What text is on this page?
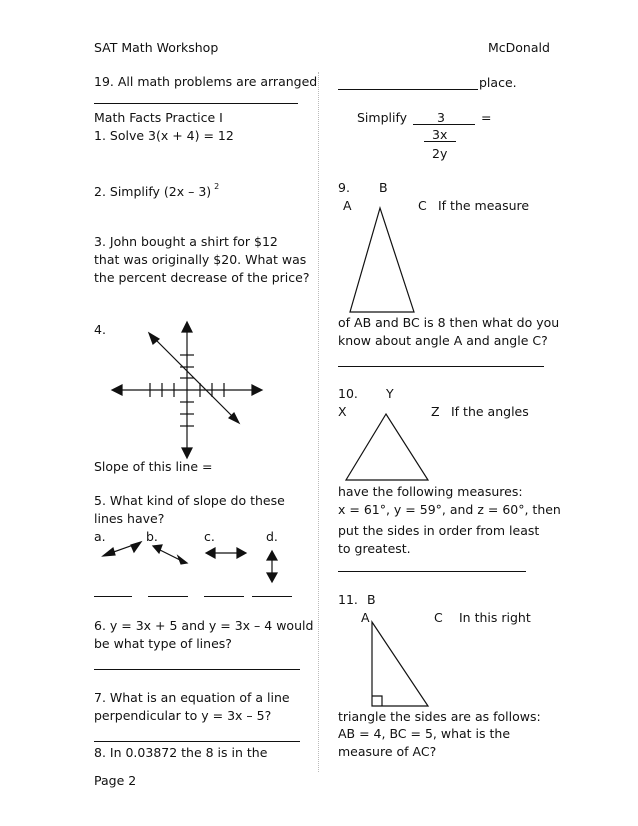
SAT Math Workshop	McDonald
19. All math problems are arranged
Math Facts Practice I
1. Solve 3(x + 4) = 12
2. Simplify (2x – 3) $^2$
3. John bought a shirt for $12
that was originally $20. What was
the percent decrease of the price?
4.
Slope of this line =
5. What kind of slope do these
lines have?
a.	b.	c.	d.
6. y = 3x + 5 and y = 3x – 4 would
be what type of lines?
7. What is an equation of a line
perpendicular to y = 3x – 5?
8. In 0.03872 the 8 is in the
Page 2
place.
Simplify 3	=
3x
2y
9. B
A	C If the measure
of AB and BC is 8 then what do you
know about angle A and angle C?
10. Y
X	Z If the angles
have the following measures:
x = 61°, y = 59°, and z = 60°, then
put the sides in order from least
to greatest.
11. B
A	C In this right
triangle the sides are as follows:
AB = 4, BC = 5, what is the
measure of AC?
